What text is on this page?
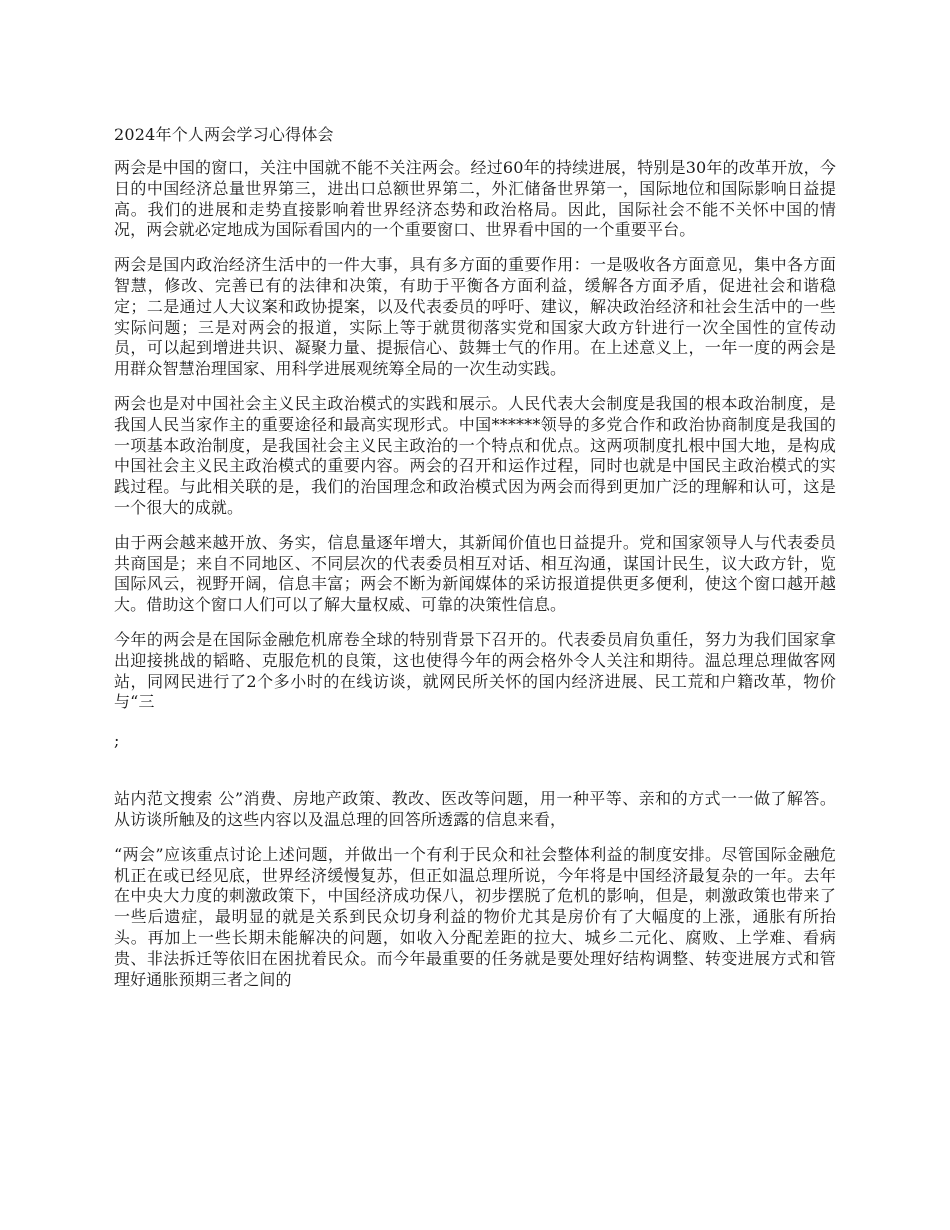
2024年个人两会学习心得体会

两会是中国的窗口，关注中国就不能不关注两会。经过60年的持续进展，特别是30年的改革开放，今日的中国经济总量世界第三，进出口总额世界第二，外汇储备世界第一，国际地位和国际影响日益提高。我们的进展和走势直接影响着世界经济态势和政治格局。因此，国际社会不能不关怀中国的情况，两会就必定地成为国际看国内的一个重要窗口、世界看中国的一个重要平台。

两会是国内政治经济生活中的一件大事，具有多方面的重要作用：一是吸收各方面意见，集中各方面智慧，修改、完善已有的法律和决策，有助于平衡各方面利益，缓解各方面矛盾，促进社会和谐稳定；二是通过人大议案和政协提案，以及代表委员的呼吁、建议，解决政治经济和社会生活中的一些实际问题；三是对两会的报道，实际上等于就贯彻落实党和国家大政方针进行一次全国性的宣传动员，可以起到增进共识、凝聚力量、提振信心、鼓舞士气的作用。在上述意义上，一年一度的两会是用群众智慧治理国家、用科学进展观统筹全局的一次生动实践。

两会也是对中国社会主义民主政治模式的实践和展示。人民代表大会制度是我国的根本政治制度，是我国人民当家作主的重要途径和最高实现形式。中国******领导的多党合作和政治协商制度是我国的一项基本政治制度，是我国社会主义民主政治的一个特点和优点。这两项制度扎根中国大地，是构成中国社会主义民主政治模式的重要内容。两会的召开和运作过程，同时也就是中国民主政治模式的实践过程。与此相关联的是，我们的治国理念和政治模式因为两会而得到更加广泛的理解和认可，这是一个很大的成就。

由于两会越来越开放、务实，信息量逐年增大，其新闻价值也日益提升。党和国家领导人与代表委员共商国是；来自不同地区、不同层次的代表委员相互对话、相互沟通，谋国计民生，议大政方针，览国际风云，视野开阔，信息丰富；两会不断为新闻媒体的采访报道提供更多便利，使这个窗口越开越大。借助这个窗口人们可以了解大量权威、可靠的决策性信息。

今年的两会是在国际金融危机席卷全球的特别背景下召开的。代表委员肩负重任，努力为我们国家拿出迎接挑战的韬略、克服危机的良策，这也使得今年的两会格外令人关注和期待。温总理总理做客网站，同网民进行了2个多小时的在线访谈，就网民所关怀的国内经济进展、民工荒和户籍改革，物价与“三

;

站内范文搜索 公”消费、房地产政策、教改、医改等问题，用一种平等、亲和的方式一一做了解答。从访谈所触及的这些内容以及温总理的回答所透露的信息来看，

“两会”应该重点讨论上述问题，并做出一个有利于民众和社会整体利益的制度安排。尽管国际金融危机正在或已经见底，世界经济缓慢复苏，但正如温总理所说，今年将是中国经济最复杂的一年。去年在中央大力度的刺激政策下，中国经济成功保八，初步摆脱了危机的影响，但是，刺激政策也带来了一些后遗症，最明显的就是关系到民众切身利益的物价尤其是房价有了大幅度的上涨，通胀有所抬头。再加上一些长期未能解决的问题，如收入分配差距的拉大、城乡二元化、腐败、上学难、看病贵、非法拆迁等依旧在困扰着民众。而今年最重要的任务就是要处理好结构调整、转变进展方式和管理好通胀预期三者之间的
